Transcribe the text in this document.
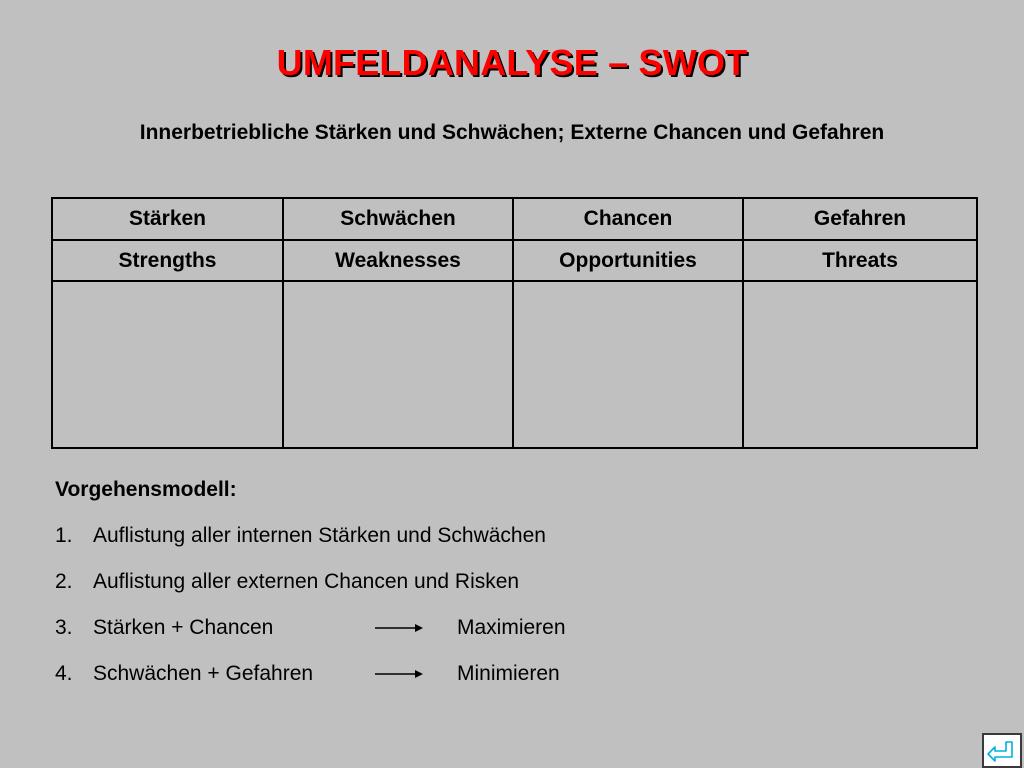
UMFELDANALYSE – SWOT
Innerbetriebliche Stärken und Schwächen; Externe Chancen und Gefahren
Stärken	Schwächen	Chancen	Gefahren
Strengths	Weaknesses	Opportunities	Threats

Vorgehensmodell:
1. Auflistung aller internen Stärken und Schwächen
2. Auflistung aller externen Chancen und Risken
3. Stärken + Chancen	Maximieren
4. Schwächen + Gefahren	Minimieren
